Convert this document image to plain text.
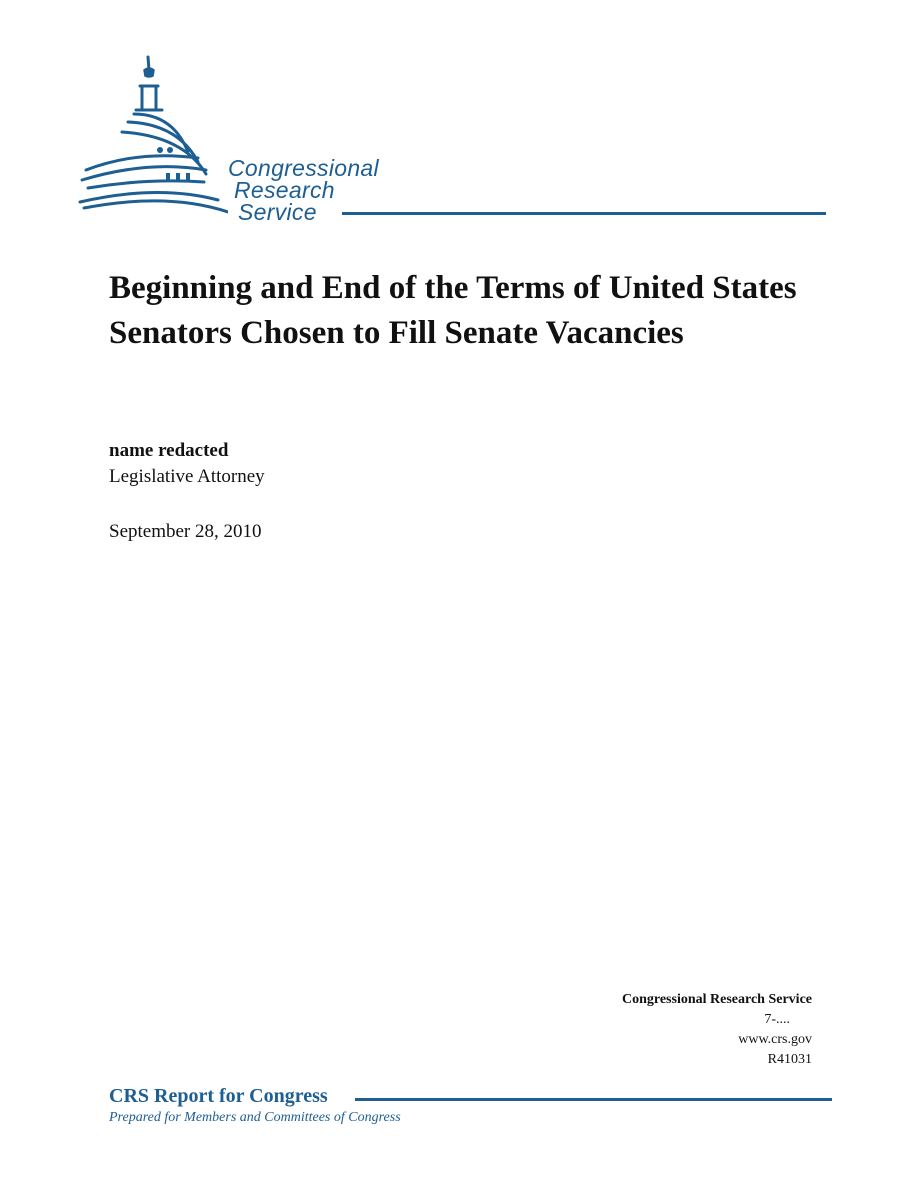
Congressional
Research
Service
Beginning and End of the Terms of United States Senators Chosen to Fill Senate Vacancies
name redacted
Legislative Attorney
September 28, 2010
Congressional Research Service
7-....
www.crs.gov
R41031
CRS Report for Congress
Prepared for Members and Committees of Congress
